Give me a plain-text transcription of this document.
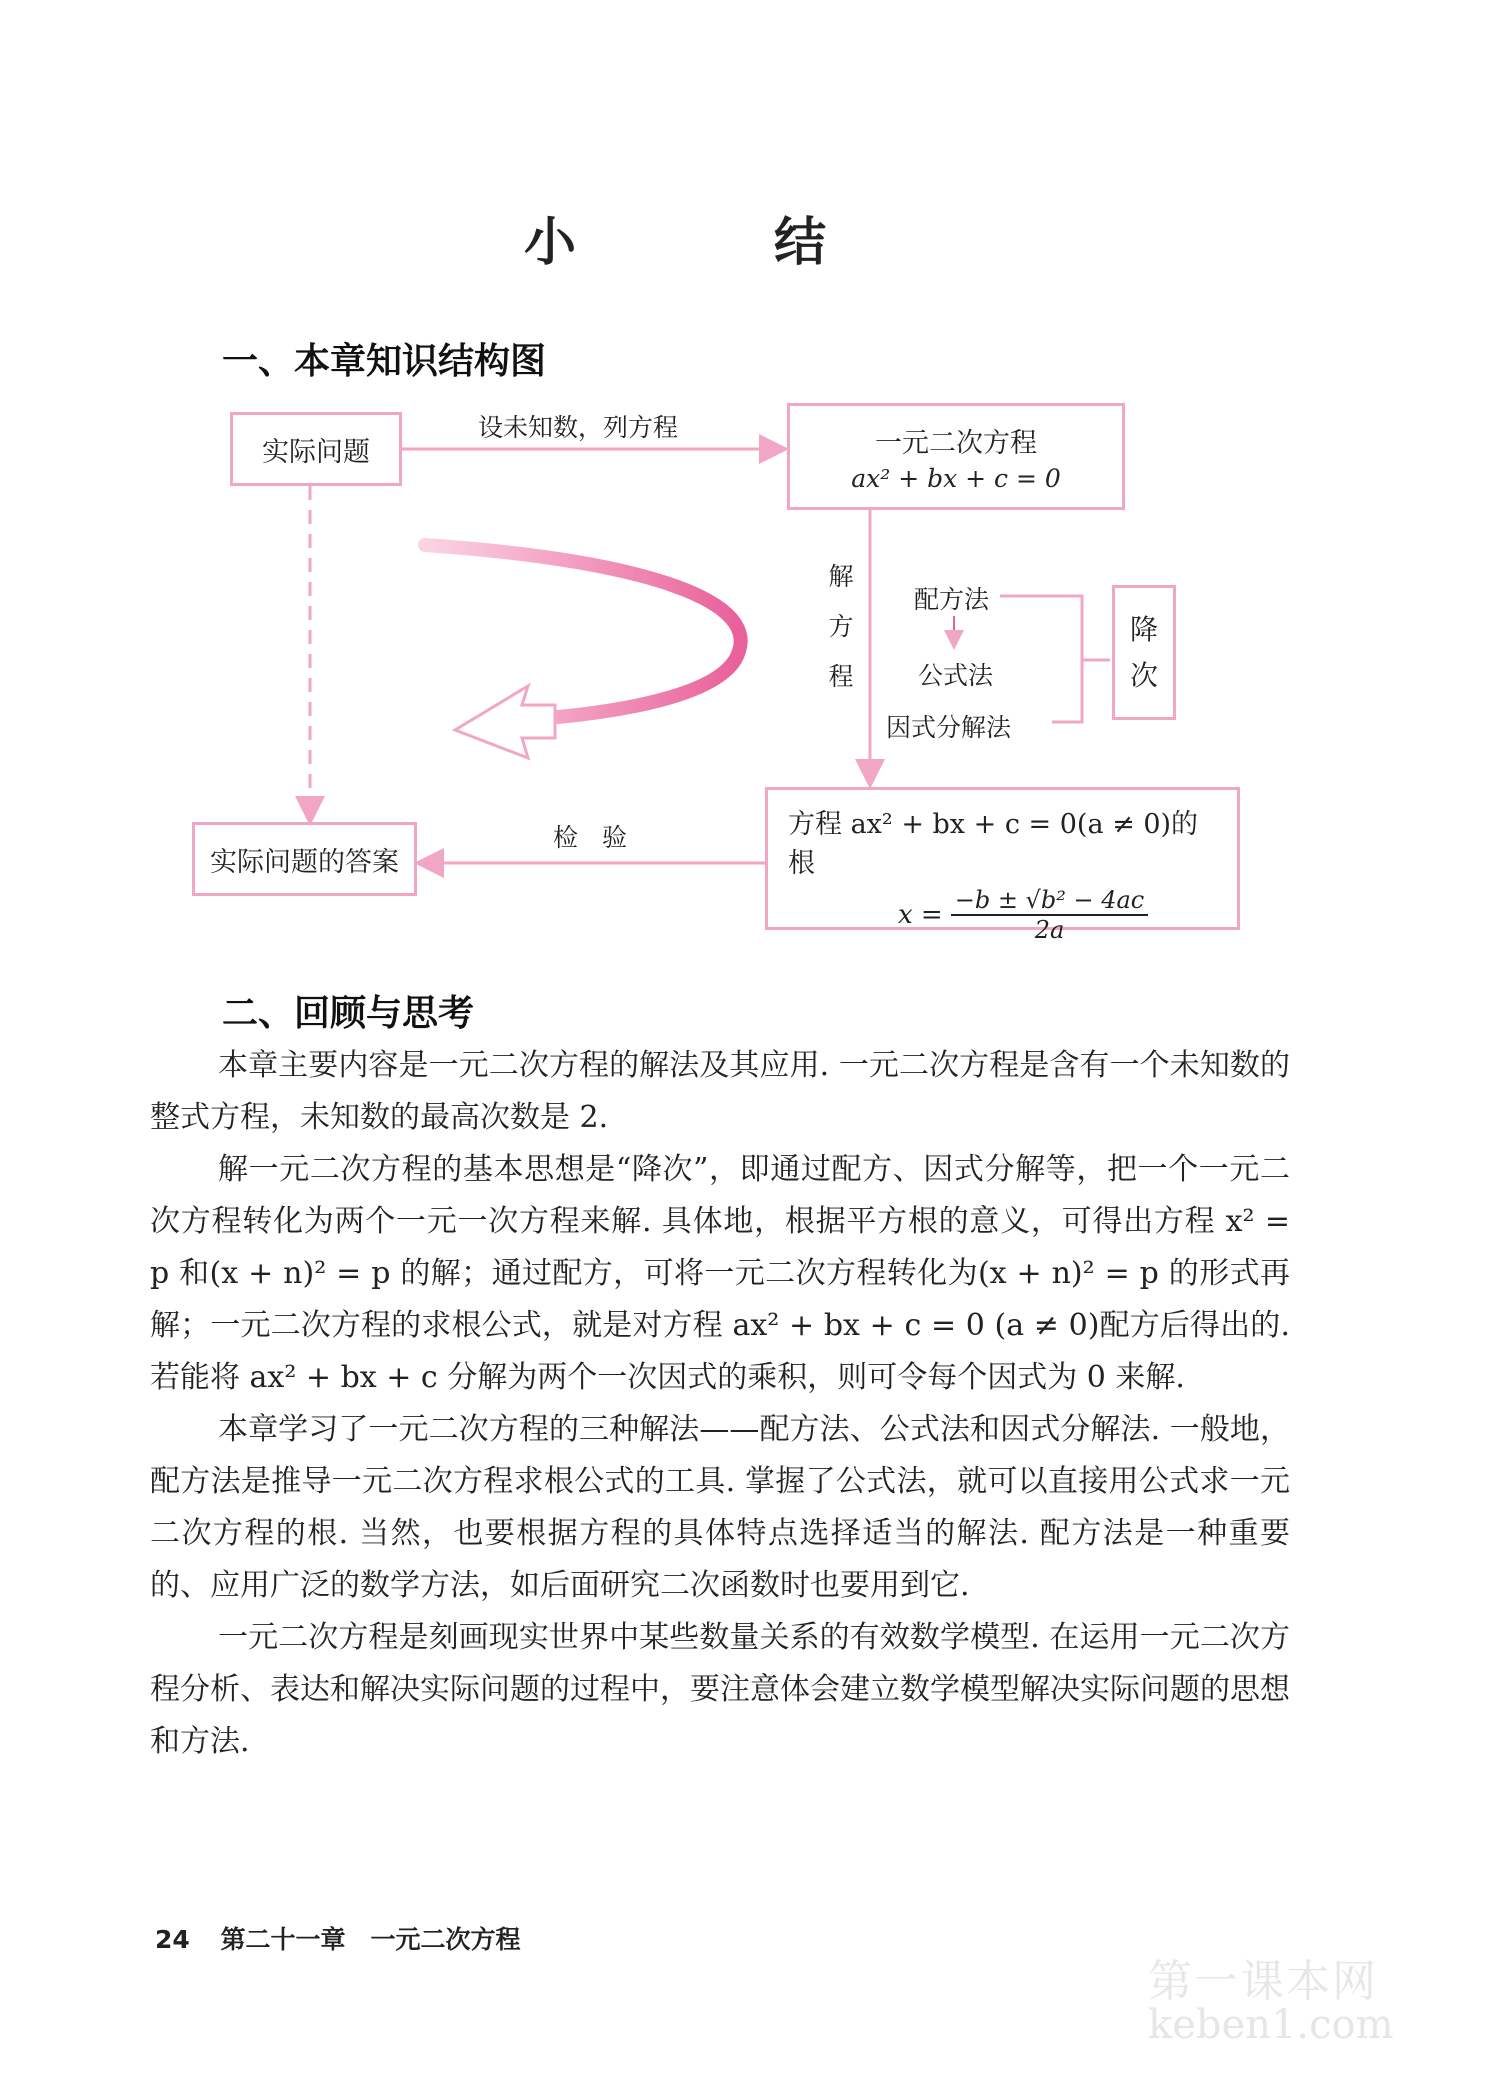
小 结
一、本章知识结构图
实际问题
设未知数，列方程	一元二次方程
ax² + bx + c = 0
解
方
程
配方法
公式法
因式分解法
降
次
方程 ax² + bx + c = 0(a ≠ 0)的根
$x = \frac{\text{−b ± √b² − 4ac}}{2a}$
检 验
实际问题的答案
二、回顾与思考

本章主要内容是一元二次方程的解法及其应用. 一元二次方程是含有一个未知数的整式方程，未知数的最高次数是 2.

解一元二次方程的基本思想是“降次”，即通过配方、因式分解等，把一个一元二次方程转化为两个一元一次方程来解. 具体地，根据平方根的意义，可得出方程 x² = p 和(x + n)² = p 的解；通过配方，可将一元二次方程转化为(x + n)² = p 的形式再解；一元二次方程的求根公式，就是对方程 ax² + bx + c = 0 (a ≠ 0)配方后得出的. 若能将 ax² + bx + c 分解为两个一次因式的乘积，则可令每个因式为 0 来解.

本章学习了一元二次方程的三种解法——配方法、公式法和因式分解法. 一般地，配方法是推导一元二次方程求根公式的工具. 掌握了公式法，就可以直接用公式求一元二次方程的根. 当然，也要根据方程的具体特点选择适当的解法. 配方法是一种重要的、应用广泛的数学方法，如后面研究二次函数时也要用到它.

一元二次方程是刻画现实世界中某些数量关系的有效数学模型. 在运用一元二次方程分析、表达和解决实际问题的过程中，要注意体会建立数学模型解决实际问题的思想和方法.

24 第二十一章　一元二次方程
第一课本网
keben1.com
